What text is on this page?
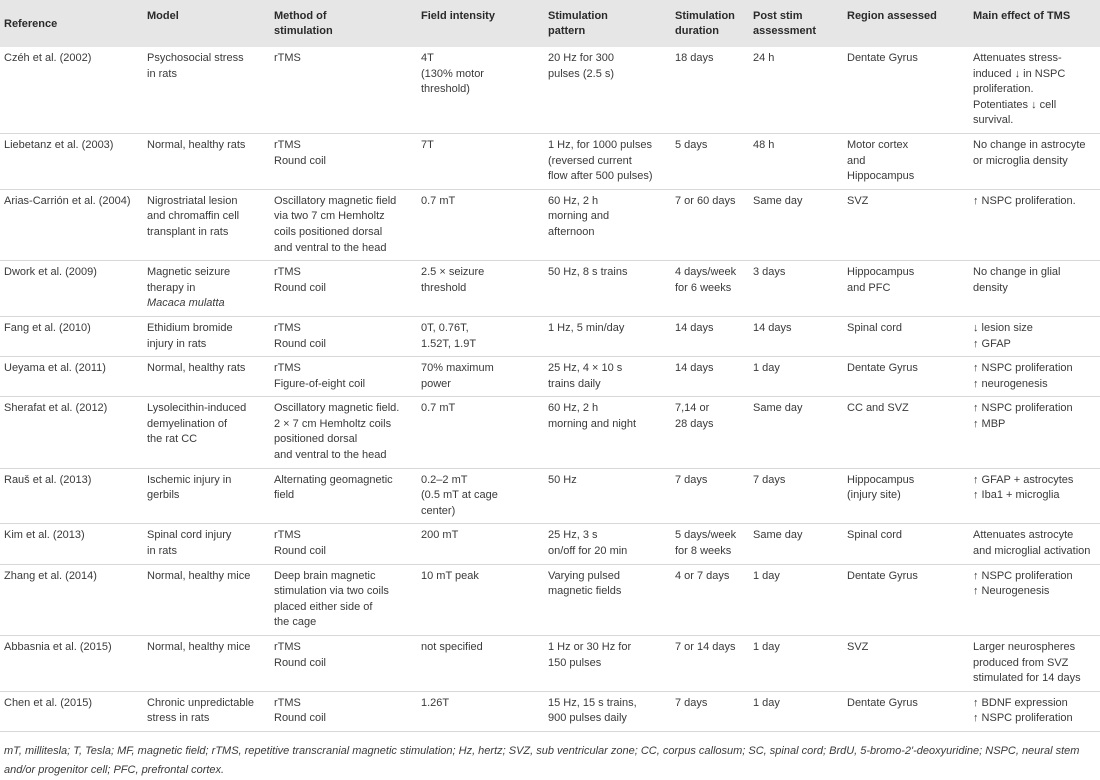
Reference	Model	Method of
stimulation	Field intensity	Stimulation
pattern	Stimulation
duration	Post stim
assessment	Region assessed	Main effect of TMS
Czéh et al. (2002)	Psychosocial stress
in rats	rTMS	4T
(130% motor
threshold)	20 Hz for 300
pulses (2.5 s)	18 days	24 h	Dentate Gyrus	Attenuates stress-
induced ↓ in NSPC
proliferation.
Potentiates ↓ cell
survival.
Liebetanz et al. (2003)	Normal, healthy rats	rTMS
Round coil	7T	1 Hz, for 1000 pulses
(reversed current
flow after 500 pulses)	5 days	48 h	Motor cortex
and
Hippocampus	No change in astrocyte
or microglia density
Arias-Carrión et al. (2004)	Nigrostriatal lesion
and chromaffin cell
transplant in rats	Oscillatory magnetic field
via two 7 cm Hemholtz
coils positioned dorsal
and ventral to the head	0.7 mT	60 Hz, 2 h
morning and
afternoon	7 or 60 days	Same day	SVZ	↑ NSPC proliferation.
Dwork et al. (2009)	Magnetic seizure
therapy in
Macaca mulatta	rTMS
Round coil	2.5 × seizure
threshold	50 Hz, 8 s trains	4 days/week
for 6 weeks	3 days	Hippocampus
and PFC	No change in glial
density
Fang et al. (2010)	Ethidium bromide
injury in rats	rTMS
Round coil	0T, 0.76T,
1.52T, 1.9T	1 Hz, 5 min/day	14 days	14 days	Spinal cord	↓ lesion size
↑ GFAP
Ueyama et al. (2011)	Normal, healthy rats	rTMS
Figure-of-eight coil	70% maximum
power	25 Hz, 4 × 10 s
trains daily	14 days	1 day	Dentate Gyrus	↑ NSPC proliferation
↑ neurogenesis
Sherafat et al. (2012)	Lysolecithin-induced
demyelination of
the rat CC	Oscillatory magnetic field.
2 × 7 cm Hemholtz coils
positioned dorsal
and ventral to the head	0.7 mT	60 Hz, 2 h
morning and night	7,14 or
28 days	Same day	CC and SVZ	↑ NSPC proliferation
↑ MBP
Rauš et al. (2013)	Ischemic injury in
gerbils	Alternating geomagnetic
field	0.2–2 mT
(0.5 mT at cage
center)	50 Hz	7 days	7 days	Hippocampus
(injury site)	↑ GFAP + astrocytes
↑ Iba1 + microglia
Kim et al. (2013)	Spinal cord injury
in rats	rTMS
Round coil	200 mT	25 Hz, 3 s
on/off for 20 min	5 days/week
for 8 weeks	Same day	Spinal cord	Attenuates astrocyte
and microglial activation
Zhang et al. (2014)	Normal, healthy mice	Deep brain magnetic
stimulation via two coils
placed either side of
the cage	10 mT peak	Varying pulsed
magnetic fields	4 or 7 days	1 day	Dentate Gyrus	↑ NSPC proliferation
↑ Neurogenesis
Abbasnia et al. (2015)	Normal, healthy mice	rTMS
Round coil	not specified	1 Hz or 30 Hz for
150 pulses	7 or 14 days	1 day	SVZ	Larger neurospheres
produced from SVZ
stimulated for 14 days
Chen et al. (2015)	Chronic unpredictable
stress in rats	rTMS
Round coil	1.26T	15 Hz, 15 s trains,
900 pulses daily	7 days	1 day	Dentate Gyrus	↑ BDNF expression
↑ NSPC proliferation
mT, millitesla; T, Tesla; MF, magnetic field; rTMS, repetitive transcranial magnetic stimulation; Hz, hertz; SVZ, sub ventricular zone; CC, corpus callosum; SC, spinal cord; BrdU, 5-bromo-2'-deoxyuridine; NSPC, neural stem and/or progenitor cell; PFC, prefrontal cortex.
